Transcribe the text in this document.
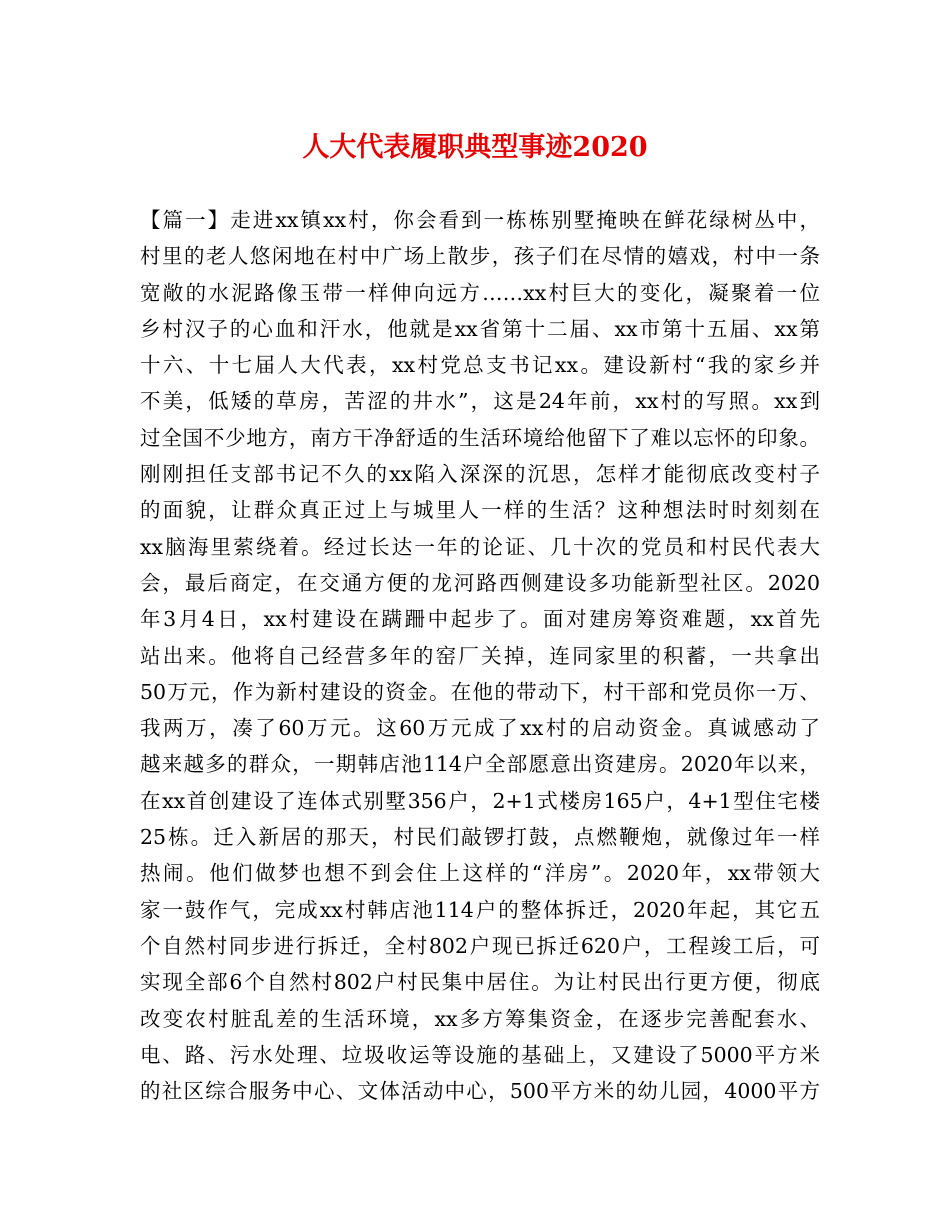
人大代表履职典型事迹2020
【篇一】走进xx镇xx村，你会看到一栋栋别墅掩映在鲜花绿树丛中，
村里的老人悠闲地在村中广场上散步，孩子们在尽情的嬉戏，村中一条
宽敞的水泥路像玉带一样伸向远方……xx村巨大的变化，凝聚着一位
乡村汉子的心血和汗水，他就是xx省第十二届、xx市第十五届、xx第
十六、十七届人大代表，xx村党总支书记xx。建设新村“我的家乡并
不美，低矮的草房，苦涩的井水”，这是24年前，xx村的写照。xx到
过全国不少地方，南方干净舒适的生活环境给他留下了难以忘怀的印象。
刚刚担任支部书记不久的xx陷入深深的沉思，怎样才能彻底改变村子
的面貌，让群众真正过上与城里人一样的生活？这种想法时时刻刻在
xx脑海里萦绕着。经过长达一年的论证、几十次的党员和村民代表大
会，最后商定，在交通方便的龙河路西侧建设多功能新型社区。2020
年3月4日，xx村建设在蹒跚中起步了。面对建房筹资难题，xx首先
站出来。他将自己经营多年的窑厂关掉，连同家里的积蓄，一共拿出
50万元，作为新村建设的资金。在他的带动下，村干部和党员你一万、
我两万，凑了60万元。这60万元成了xx村的启动资金。真诚感动了
越来越多的群众，一期韩店池114户全部愿意出资建房。2020年以来，
在xx首创建设了连体式别墅356户，2+1式楼房165户，4+1型住宅楼
25栋。迁入新居的那天，村民们敲锣打鼓，点燃鞭炮，就像过年一样
热闹。他们做梦也想不到会住上这样的“洋房”。2020年，xx带领大
家一鼓作气，完成xx村韩店池114户的整体拆迁，2020年起，其它五
个自然村同步进行拆迁，全村802户现已拆迁620户，工程竣工后，可
实现全部6个自然村802户村民集中居住。为让村民出行更方便，彻底
改变农村脏乱差的生活环境，xx多方筹集资金，在逐步完善配套水、
电、路、污水处理、垃圾收运等设施的基础上，又建设了5000平方米
的社区综合服务中心、文体活动中心，500平方米的幼儿园，4000平方
